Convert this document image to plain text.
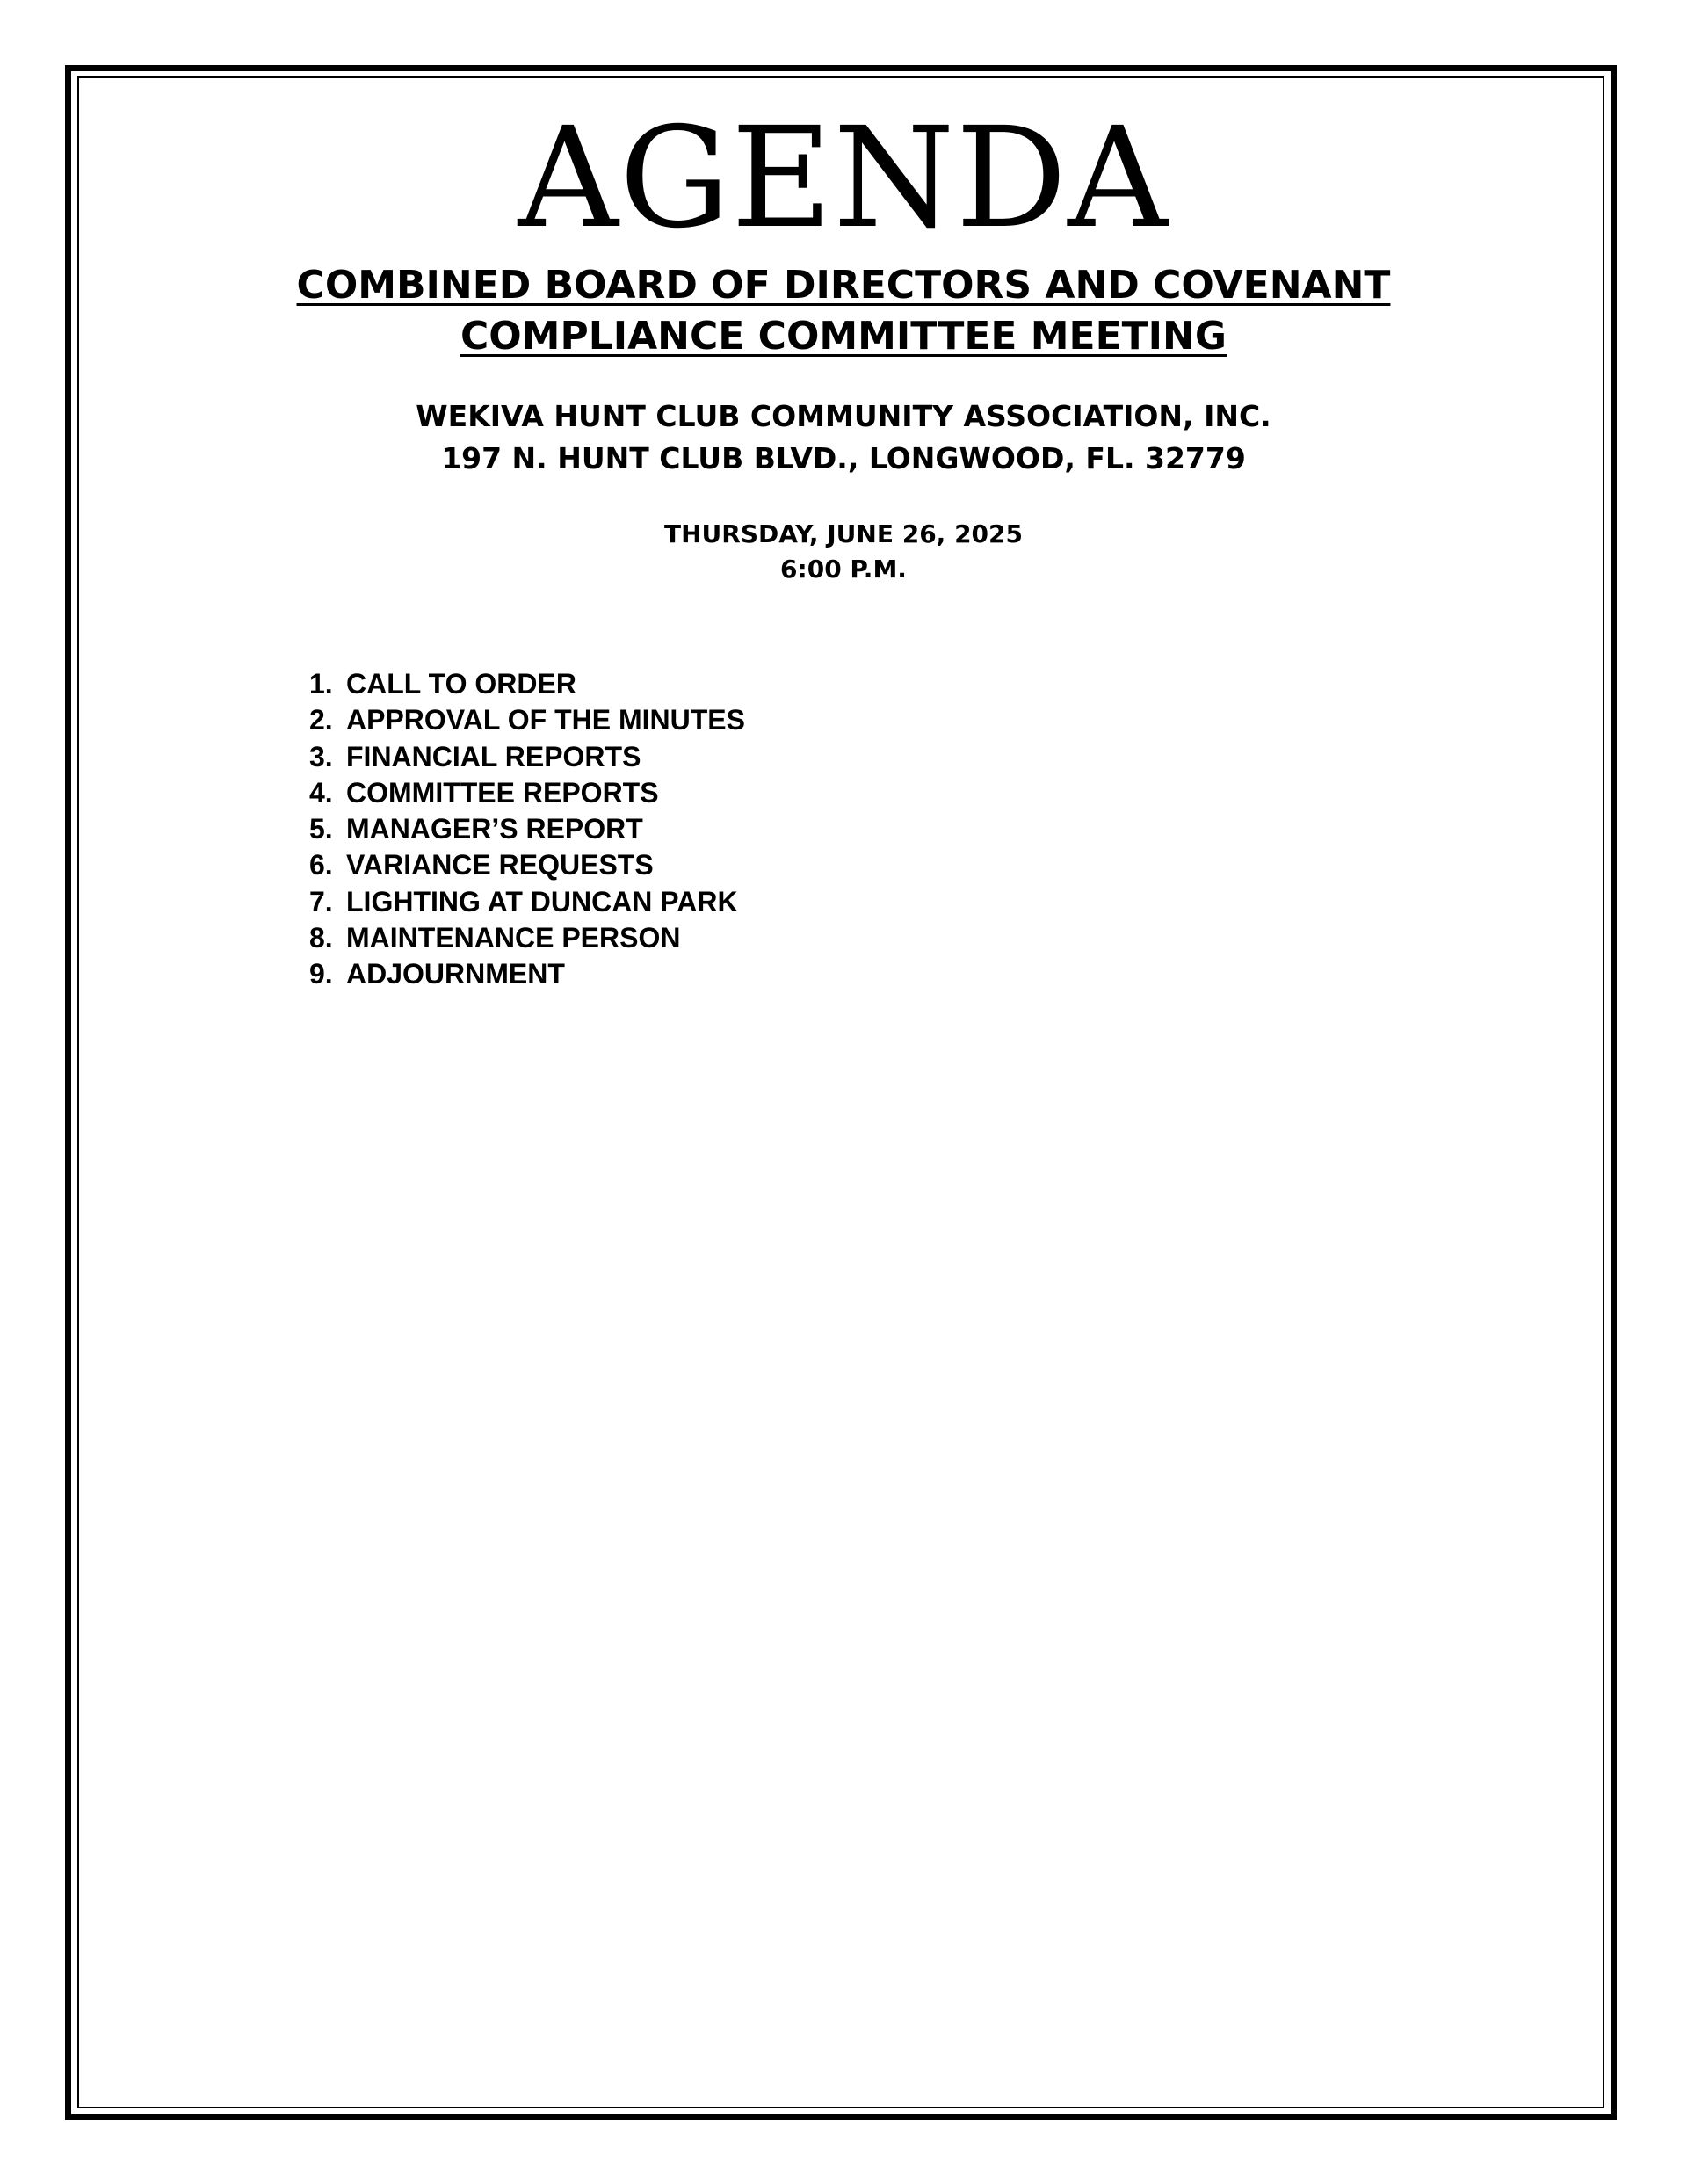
AGENDA
COMBINED BOARD OF DIRECTORS AND COVENANT
COMPLIANCE COMMITTEE MEETING
WEKIVA HUNT CLUB COMMUNITY ASSOCIATION, INC.
197 N. HUNT CLUB BLVD., LONGWOOD, FL. 32779
THURSDAY, JUNE 26, 2025
6:00 P.M.
1. CALL TO ORDER
2. APPROVAL OF THE MINUTES
3. FINANCIAL REPORTS
4. COMMITTEE REPORTS
5. MANAGER’S REPORT
6. VARIANCE REQUESTS
7. LIGHTING AT DUNCAN PARK
8. MAINTENANCE PERSON
9. ADJOURNMENT
